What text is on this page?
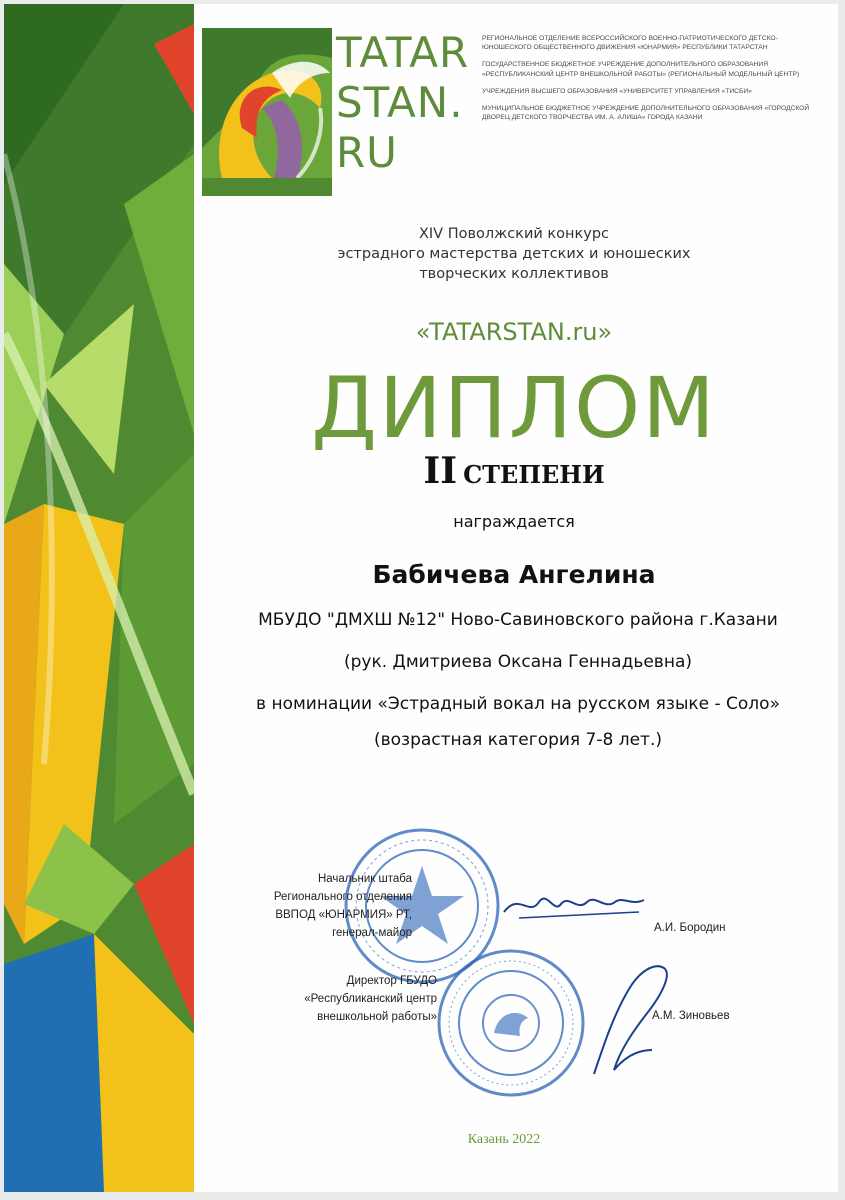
TATAR
STAN.
RU

РЕГИОНАЛЬНОЕ ОТДЕЛЕНИЕ ВСЕРОССИЙСКОГО ВОЕННО-ПАТРИОТИЧЕСКОГО ДЕТСКО-ЮНОШЕСКОГО ОБЩЕСТВЕННОГО ДВИЖЕНИЯ «ЮНАРМИЯ» РЕСПУБЛИКИ ТАТАРСТАН

ГОСУДАРСТВЕННОЕ БЮДЖЕТНОЕ УЧРЕЖДЕНИЕ ДОПОЛНИТЕЛЬНОГО ОБРАЗОВАНИЯ «РЕСПУБЛИКАНСКИЙ ЦЕНТР ВНЕШКОЛЬНОЙ РАБОТЫ» (РЕГИОНАЛЬНЫЙ МОДЕЛЬНЫЙ ЦЕНТР)

УЧРЕЖДЕНИЯ ВЫСШЕГО ОБРАЗОВАНИЯ «УНИВЕРСИТЕТ УПРАВЛЕНИЯ «ТИСБИ»

МУНИЦИПАЛЬНОЕ БЮДЖЕТНОЕ УЧРЕЖДЕНИЕ ДОПОЛНИТЕЛЬНОГО ОБРАЗОВАНИЯ «ГОРОДСКОЙ ДВОРЕЦ ДЕТСКОГО ТВОРЧЕСТВА ИМ. А. АЛИША» ГОРОДА КАЗАНИ

XIV Поволжский конкурс
эстрадного мастерства детских и юношеских
творческих коллективов
«TATARSTAN.ru»
ДИПЛОМ
II СТЕПЕНИ
награждается
Бабичева Ангелина
МБУДО "ДМХШ №12" Ново-Савиновского района г.Казани
(рук. Дмитриева Оксана Геннадьевна)
в номинации «Эстрадный вокал на русском языке - Соло»
(возрастная категория 7-8 лет.)
Начальник штаба
Регионального отделения
ВВПОД «ЮНАРМИЯ» РТ,
генерал-майор	А.И. Бородин
Директор ГБУДО
«Республиканский центр
внешкольной работы»	А.М. Зиновьев
Казань 2022
